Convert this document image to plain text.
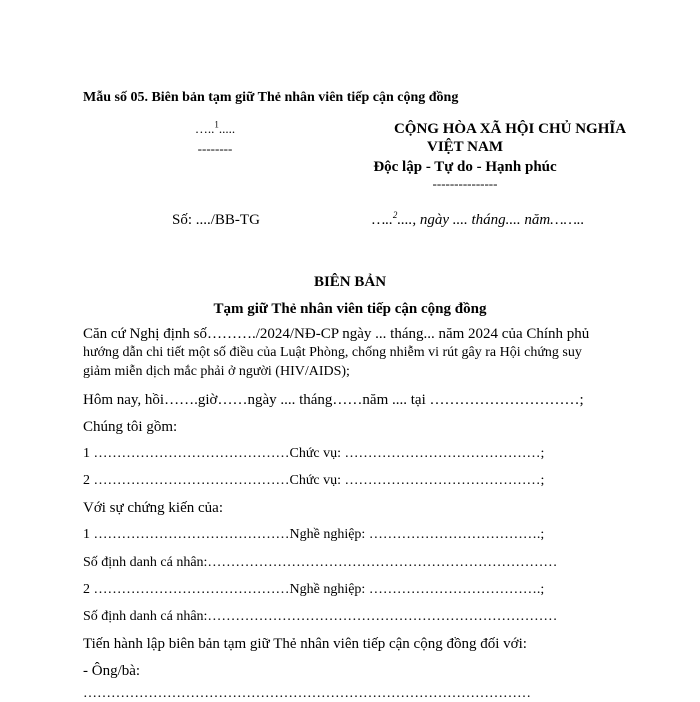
Mẫu số 05. Biên bản tạm giữ Thẻ nhân viên tiếp cận cộng đồng
…..$^1$.....
--------
CỘNG HÒA XÃ HỘI CHỦ NGHĨA
VIỆT NAM
Độc lập - Tự do - Hạnh phúc
---------------
Số: ..../BB-TG	…..$^2$...., ngày .... tháng.... năm……..
BIÊN BẢN
Tạm giữ Thẻ nhân viên tiếp cận cộng đồng
Căn cứ Nghị định số………./2024/NĐ-CP ngày ... tháng... năm 2024 của Chính phủ
hướng dẫn chi tiết một số điều của Luật Phòng, chống nhiễm vi rút gây ra Hội chứng suy
giảm miễn dịch mắc phải ở người (HIV/AIDS);
Hôm nay, hồi…….giờ……ngày .... tháng……năm .... tại …………………………;
Chúng tôi gồm:
1 ……………………………………Chức vụ: ……………………………………;
2 ……………………………………Chức vụ: ……………………………………;
Với sự chứng kiến của:
1 ……………………………………Nghề nghiệp: ……………………………….;
Số định danh cá nhân:…………………………………………………………………
2 ……………………………………Nghề nghiệp: ……………………………….;
Số định danh cá nhân:…………………………………………………………………
Tiến hành lập biên bản tạm giữ Thẻ nhân viên tiếp cận cộng đồng đối với:
- Ông/bà:
……………………………………………………………………………………
